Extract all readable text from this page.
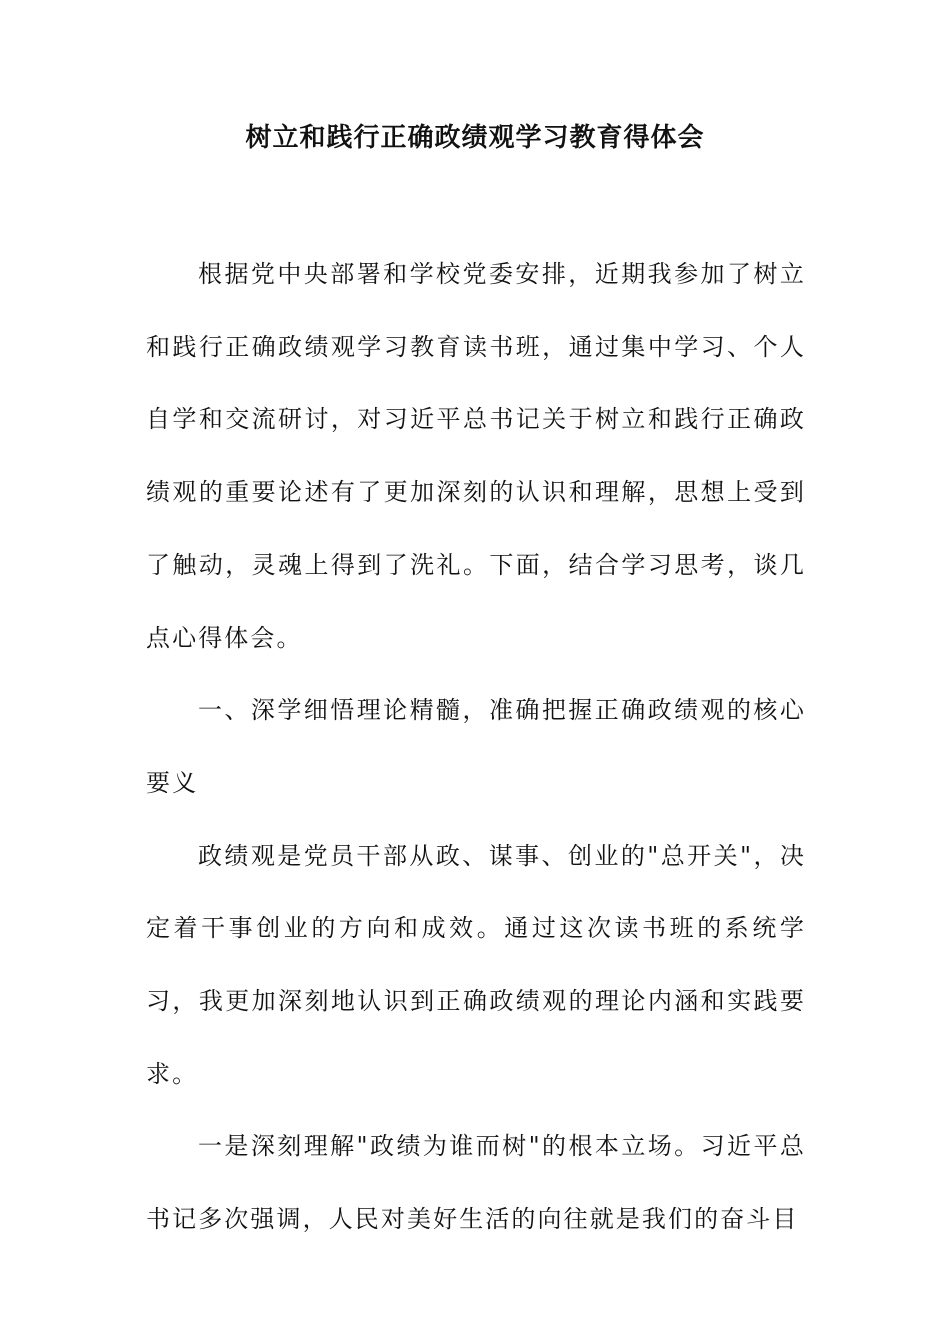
树立和践行正确政绩观学习教育得体会

根据党中央部署和学校党委安排，近期我参加了树立和践行正确政绩观学习教育读书班，通过集中学习、个人自学和交流研讨，对习近平总书记关于树立和践行正确政绩观的重要论述有了更加深刻的认识和理解，思想上受到了触动，灵魂上得到了洗礼。下面，结合学习思考，谈几点心得体会。

一、深学细悟理论精髓，准确把握正确政绩观的核心要义

政绩观是党员干部从政、谋事、创业的"总开关"，决定着干事创业的方向和成效。通过这次读书班的系统学习，我更加深刻地认识到正确政绩观的理论内涵和实践要求。

一是深刻理解"政绩为谁而树"的根本立场。习近平总书记多次强调，人民对美好生活的向往就是我们的奋斗目
